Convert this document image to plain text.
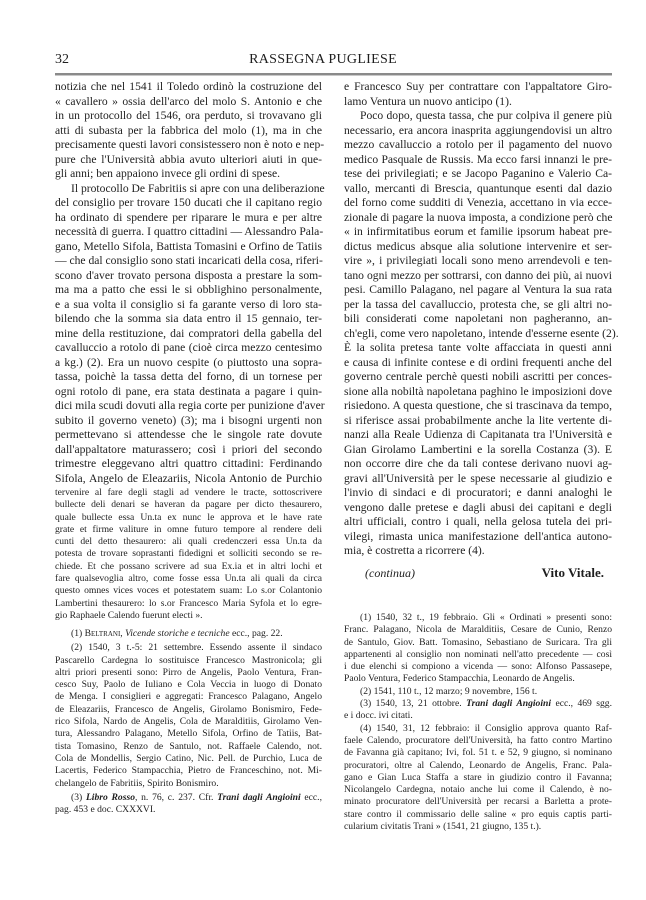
32	RASSEGNA PUGLIESE
notizia che nel 1541 il Toledo ordinò la costruzione del
« cavallero » ossia dell'arco del molo S. Antonio e che
in un protocollo del 1546, ora perduto, si trovavano gli
atti di subasta per la fabbrica del molo (1), ma in che
precisamente questi lavori consistessero non è noto e nep-
pure che l'Università abbia avuto ulteriori aiuti in que-
gli anni; ben appaiono invece gli ordini di spese.
Il protocollo De Fabritiis si apre con una deliberazione
del consiglio per trovare 150 ducati che il capitano regio
ha ordinato di spendere per riparare le mura e per altre
necessità di guerra. I quattro cittadini — Alessandro Pala-
gano, Metello Sifola, Battista Tomasini e Orfino de Tatiis
— che dal consiglio sono stati incaricati della cosa, riferi-
scono d'aver trovato persona disposta a prestare la som-
ma ma a patto che essi le si obblighino personalmente,
e a sua volta il consiglio si fa garante verso di loro sta-
bilendo che la somma sia data entro il 15 gennaio, ter-
mine della restituzione, dai compratori della gabella del
cavalluccio a rotolo di pane (cioè circa mezzo centesimo
a kg.) (2). Era un nuovo cespite (o piuttosto una sopra-
tassa, poichè la tassa detta del forno, di un tornese per
ogni rotolo di pane, era stata destinata a pagare i quin-
dici mila scudi dovuti alla regia corte per punizione d'aver
subito il governo veneto) (3); ma i bisogni urgenti non
permettevano si attendesse che le singole rate dovute
dall'appaltatore maturassero; così i priori del secondo
trimestre eleggevano altri quattro cittadini: Ferdinando
Sifola, Angelo de Eleazariis, Nicola Antonio de Purchio
tervenire al fare degli stagli ad vendere le tracte, sottoscrivere
bullecte deli denari se haveran da pagare per dicto thesaurero,
quale bullecte essa Un.ta ex nunc le approva et le have rate
grate et firme valiture in omne futuro tempore al rendere deli
cunti del detto thesaurero: ali quali credenczeri essa Un.ta da
potesta de trovare soprastanti fidedigni et solliciti secondo se re-
chiede. Et che possano scrivere ad sua Ex.ia et in altri lochi et
fare qualsevoglia altro, come fosse essa Un.ta ali quali da circa
questo omnes vices voces et potestatem suam: Lo s.or Colantonio
Lambertini thesaurero: lo s.or Francesco Maria Syfola et lo egre-
gio Raphaele Calendo fuerunt electi ».
(1) Beltrani, Vicende storiche e tecniche ecc., pag. 22.
(2) 1540, 3 t.-5: 21 settembre. Essendo assente il sindaco
Pascarello Cardegna lo sostituisce Francesco Mastronicola; gli
altri priori presenti sono: Pirro de Angelis, Paolo Ventura, Fran-
cesco Suy, Paolo de Iuliano e Cola Veccia in luogo di Donato
de Menga. I consiglieri e aggregati: Francesco Palagano, Angelo
de Eleazariis, Francesco de Angelis, Girolamo Bonismiro, Fede-
rico Sifola, Nardo de Angelis, Cola de Maralditiis, Girolamo Ven-
tura, Alessandro Palagano, Metello Sifola, Orfino de Tatiis, Bat-
tista Tomasino, Renzo de Santulo, not. Raffaele Calendo, not.
Cola de Mondellis, Sergio Catino, Nic. Pell. de Purchio, Luca de
Lacertis, Federico Stampacchia, Pietro de Franceschino, not. Mi-
chelangelo de Fabritiis, Spirito Bonismiro.
(3) Libro Rosso, n. 76, c. 237. Cfr. Trani dagli Angioini ecc.,
pag. 453 e doc. CXXXVI.
e Francesco Suy per contrattare con l'appaltatore Giro-
lamo Ventura un nuovo anticipo (1).
Poco dopo, questa tassa, che pur colpiva il genere più
necessario, era ancora inasprita aggiungendovisi un altro
mezzo cavalluccio a rotolo per il pagamento del nuovo
medico Pasquale de Russis. Ma ecco farsi innanzi le pre-
tese dei privilegiati; e se Jacopo Paganino e Valerio Ca-
vallo, mercanti di Brescia, quantunque esenti dal dazio
del forno come sudditi di Venezia, accettano in via ecce-
zionale di pagare la nuova imposta, a condizione però che
« in infirmitatibus eorum et familie ipsorum habeat pre-
dictus medicus absque alia solutione intervenire et ser-
vire », i privilegiati locali sono meno arrendevoli e ten-
tano ogni mezzo per sottrarsi, con danno dei più, ai nuovi
pesi. Camillo Palagano, nel pagare al Ventura la sua rata
per la tassa del cavalluccio, protesta che, se gli altri no-
bili considerati come napoletani non pagheranno, an-
ch'egli, come vero napoletano, intende d'esserne esente (2).
È la solita pretesa tante volte affacciata in questi anni
e causa di infinite contese e di ordini frequenti anche del
governo centrale perchè questi nobili ascritti per conces-
sione alla nobiltà napoletana paghino le imposizioni dove
risiedono. A questa questione, che si trascinava da tempo,
si riferisce assai probabilmente anche la lite vertente di-
nanzi alla Reale Udienza di Capitanata tra l'Università e
Gian Girolamo Lambertini e la sorella Costanza (3). E
non occorre dire che da tali contese derivano nuovi ag-
gravi all'Università per le spese necessarie al giudizio e
l'invio di sindaci e di procuratori; e danni analoghi le
vengono dalle pretese e dagli abusi dei capitani e degli
altri ufficiali, contro i quali, nella gelosa tutela dei pri-
vilegi, rimasta unica manifestazione dell'antica autono-
mia, è costretta a ricorrere (4).
(continua)	Vito Vitale.
(1) 1540, 32 t., 19 febbraio. Gli « Ordinati » presenti sono:
Franc. Palagano, Nicola de Maralditiis, Cesare de Cunio, Renzo
de Santulo, Giov. Batt. Tomasino, Sebastiano de Suricara. Tra gli
appartenenti al consiglio non nominati nell'atto precedente — così
i due elenchi si compiono a vicenda — sono: Alfonso Passasepe,
Paolo Ventura, Federico Stampacchia, Leonardo de Angelis.
(2) 1541, 110 t., 12 marzo; 9 novembre, 156 t.
(3) 1540, 13, 21 ottobre. Trani dagli Angioini ecc., 469 sgg.
e i docc. ivi citati.
(4) 1540, 31, 12 febbraio: il Consiglio approva quanto Raf-
faele Calendo, procuratore dell'Università, ha fatto contro Martino
de Favanna già capitano; Ivi, fol. 51 t. e 52, 9 giugno, si nominano
procuratori, oltre al Calendo, Leonardo de Angelis, Franc. Pala-
gano e Gian Luca Staffa a stare in giudizio contro il Favanna;
Nicolangelo Cardegna, notaio anche lui come il Calendo, è no-
minato procuratore dell'Università per recarsi a Barletta a prote-
stare contro il commissario delle saline « pro equis captis parti-
cularium civitatis Trani » (1541, 21 giugno, 135 t.).
